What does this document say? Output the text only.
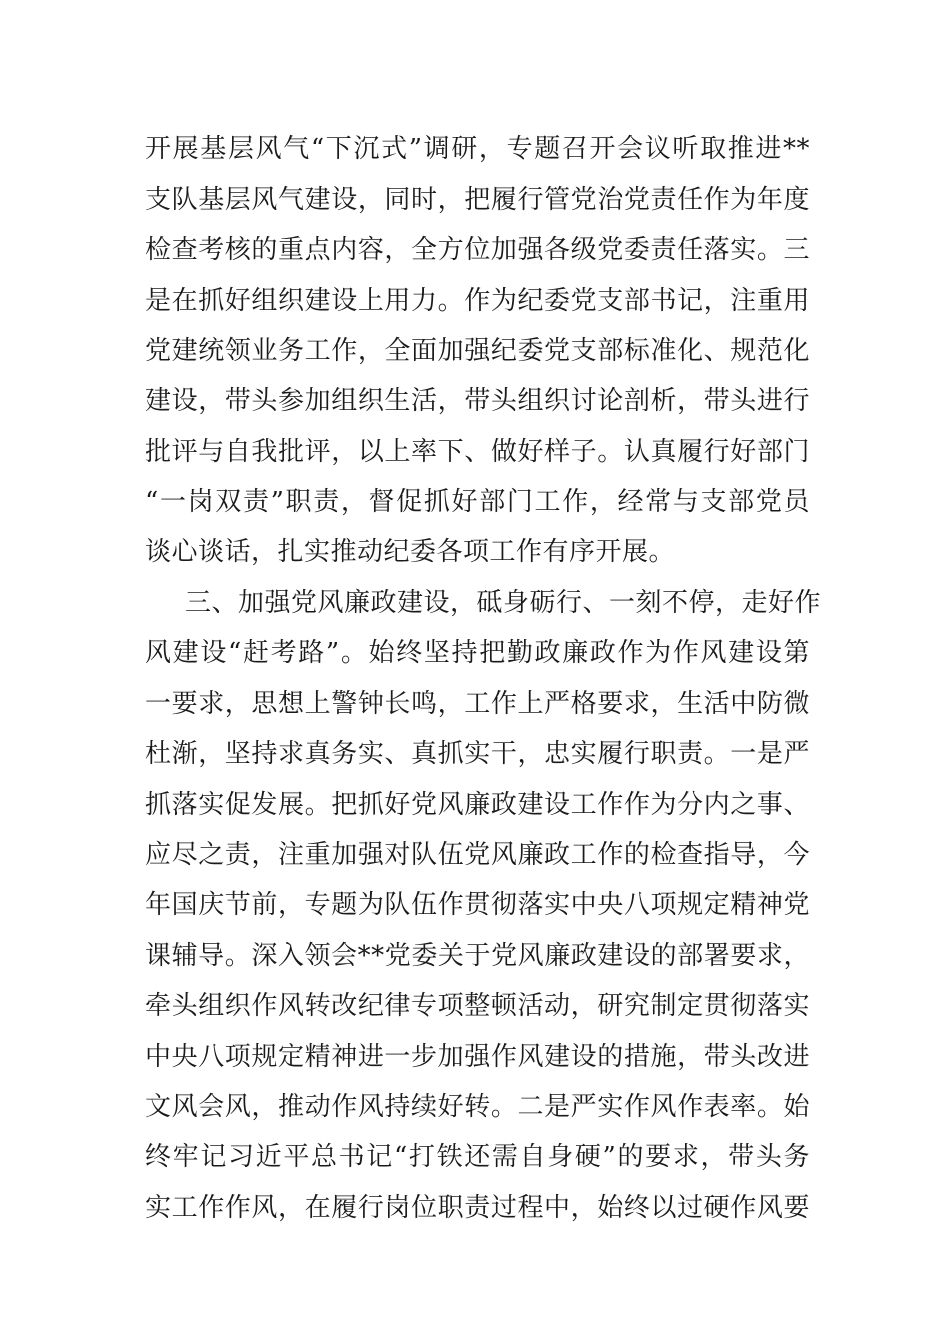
开展基层风气“下沉式”调研，专题召开会议听取推进**
支队基层风气建设，同时，把履行管党治党责任作为年度
检查考核的重点内容，全方位加强各级党委责任落实。三
是在抓好组织建设上用力。作为纪委党支部书记，注重用
党建统领业务工作，全面加强纪委党支部标准化、规范化
建设，带头参加组织生活，带头组织讨论剖析，带头进行
批评与自我批评，以上率下、做好样子。认真履行好部门
“一岗双责”职责，督促抓好部门工作，经常与支部党员
谈心谈话，扎实推动纪委各项工作有序开展。
三、加强党风廉政建设，砥身砺行、一刻不停，走好作
风建设“赶考路”。始终坚持把勤政廉政作为作风建设第
一要求，思想上警钟长鸣，工作上严格要求，生活中防微
杜渐，坚持求真务实、真抓实干，忠实履行职责。一是严
抓落实促发展。把抓好党风廉政建设工作作为分内之事、
应尽之责，注重加强对队伍党风廉政工作的检查指导，今
年国庆节前，专题为队伍作贯彻落实中央八项规定精神党
课辅导。深入领会**党委关于党风廉政建设的部署要求，
牵头组织作风转改纪律专项整顿活动，研究制定贯彻落实
中央八项规定精神进一步加强作风建设的措施，带头改进
文风会风，推动作风持续好转。二是严实作风作表率。始
终牢记习近平总书记“打铁还需自身硬”的要求，带头务
实工作作风，在履行岗位职责过程中，始终以过硬作风要
